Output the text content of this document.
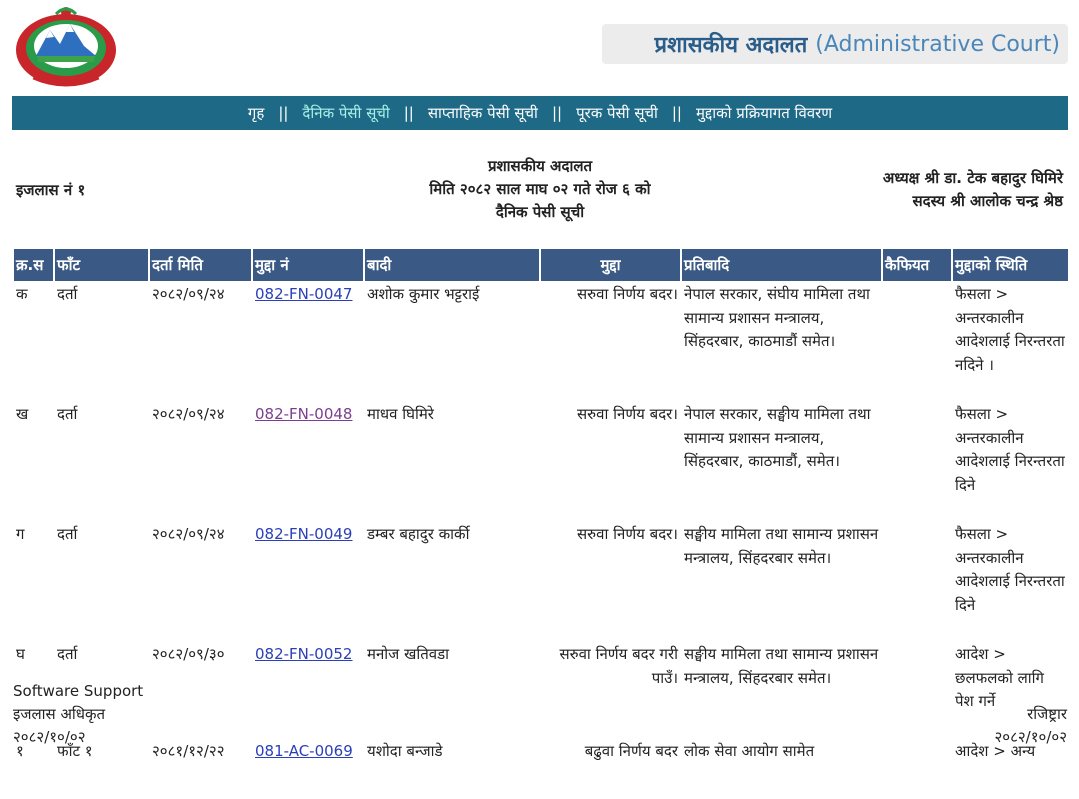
प्रशासकीय अदालत (Administrative Court)
गृह || दैनिक पेसी सूची || साप्ताहिक पेसी सूची || पूरक पेसी सूची || मुद्दाको प्रक्रियागत विवरण
इजलास नं १
प्रशासकीय अदालत
मिति २०८२ साल माघ ०२ गते रोज ६ को
दैनिक पेसी सूची
अध्यक्ष श्री डा. टेक बहादुर घिमिरे
सदस्य श्री आलोक चन्द्र श्रेष्ठ
क्र.स	फाँट	दर्ता मिति	मुद्दा नं	बादी	मुद्दा	प्रतिबादि	कैफियत	मुद्दाको स्थिति
क	दर्ता	२०८२/०९/२४	082-FN-0047	अशोक कुमार भट्टराई	सरुवा निर्णय बदर।	नेपाल सरकार, संघीय मामिला तथा सामान्य प्रशासन मन्त्रालय, सिंहदरबार, काठमाडौं समेत।		फैसला > अन्तरकालीन आदेशलाई निरन्तरता नदिने ।
ख	दर्ता	२०८२/०९/२४	082-FN-0048	माधव घिमिरे	सरुवा निर्णय बदर।	नेपाल सरकार, सङ्घीय मामिला तथा सामान्य प्रशासन मन्त्रालय, सिंहदरबार, काठमाडौं, समेत।		फैसला > अन्तरकालीन आदेशलाई निरन्तरता दिने
ग	दर्ता	२०८२/०९/२४	082-FN-0049	डम्बर बहादुर कार्की	सरुवा निर्णय बदर।	सङ्घीय मामिला तथा सामान्य प्रशासन मन्त्रालय, सिंहदरबार समेत।		फैसला > अन्तरकालीन आदेशलाई निरन्तरता दिने
घ	दर्ता	२०८२/०९/३०	082-FN-0052	मनोज खतिवडा	सरुवा निर्णय बदर गरी पाउँ।	सङ्घीय मामिला तथा सामान्य प्रशासन मन्त्रालय, सिंहदरबार समेत।		आदेश > छलफलको लागि पेश गर्ने
१	फाँट १	२०८१/१२/२२	081-AC-0069	यशोदा बन्जाडे	बढुवा निर्णय बदर	लोक सेवा आयोग सामेत		आदेश > अन्य
Software Support
इजलास अधिकृत
२०८२/१०/०२
रजिष्ट्रार
२०८२/१०/०२
